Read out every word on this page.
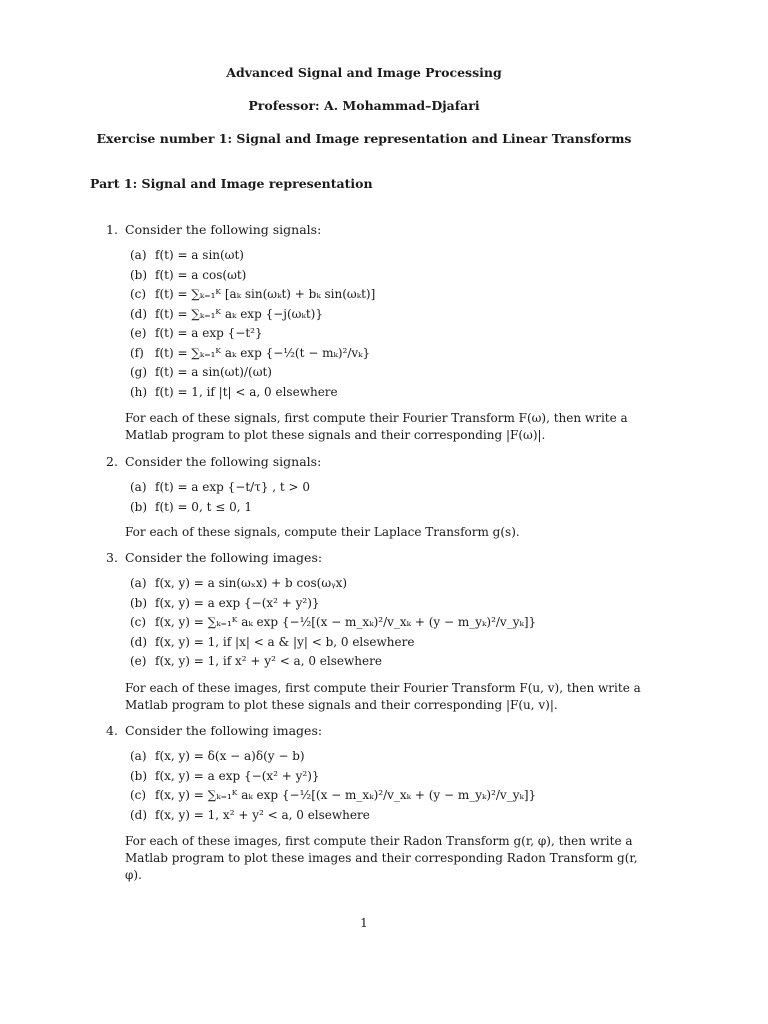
Advanced Signal and Image Processing
Professor: A. Mohammad–Djafari
Exercise number 1: Signal and Image representation and Linear Transforms
Part 1: Signal and Image representation
1. Consider the following signals:
(a) f(t) = a sin(ωt)
(b) f(t) = a cos(ωt)
(c) f(t) = ∑ₖ₌₁ᴷ [aₖ sin(ωₖt) + bₖ sin(ωₖt)]
(d) f(t) = ∑ₖ₌₁ᴷ aₖ exp {−j(ωₖt)}
(e) f(t) = a exp {−t²}
(f) f(t) = ∑ₖ₌₁ᴷ aₖ exp {−½(t − mₖ)²/vₖ}
(g) f(t) = a sin(ωt)/(ωt)
(h) f(t) = 1, if |t| < a, 0 elsewhere
For each of these signals, first compute their Fourier Transform F(ω), then write a Matlab program to plot these signals and their corresponding |F(ω)|.
2. Consider the following signals:
(a) f(t) = a exp {−t/τ} , t > 0
(b) f(t) = 0, t ≤ 0, 1
For each of these signals, compute their Laplace Transform g(s).
3. Consider the following images:
(a) f(x, y) = a sin(ωₓx) + b cos(ωᵧx)
(b) f(x, y) = a exp {−(x² + y²)}
(c) f(x, y) = ∑ₖ₌₁ᴷ aₖ exp {−½[(x − m_xₖ)²/v_xₖ + (y − m_yₖ)²/v_yₖ]}
(d) f(x, y) = 1, if |x| < a & |y| < b, 0 elsewhere
(e) f(x, y) = 1, if x² + y² < a, 0 elsewhere
For each of these images, first compute their Fourier Transform F(u, v), then write a Matlab program to plot these signals and their corresponding |F(u, v)|.
4. Consider the following images:
(a) f(x, y) = δ(x − a)δ(y − b)
(b) f(x, y) = a exp {−(x² + y²)}
(c) f(x, y) = ∑ₖ₌₁ᴷ aₖ exp {−½[(x − m_xₖ)²/v_xₖ + (y − m_yₖ)²/v_yₖ]}
(d) f(x, y) = 1, x² + y² < a, 0 elsewhere
For each of these images, first compute their Radon Transform g(r, φ), then write a Matlab program to plot these images and their corresponding Radon Transform g(r, φ).
1
